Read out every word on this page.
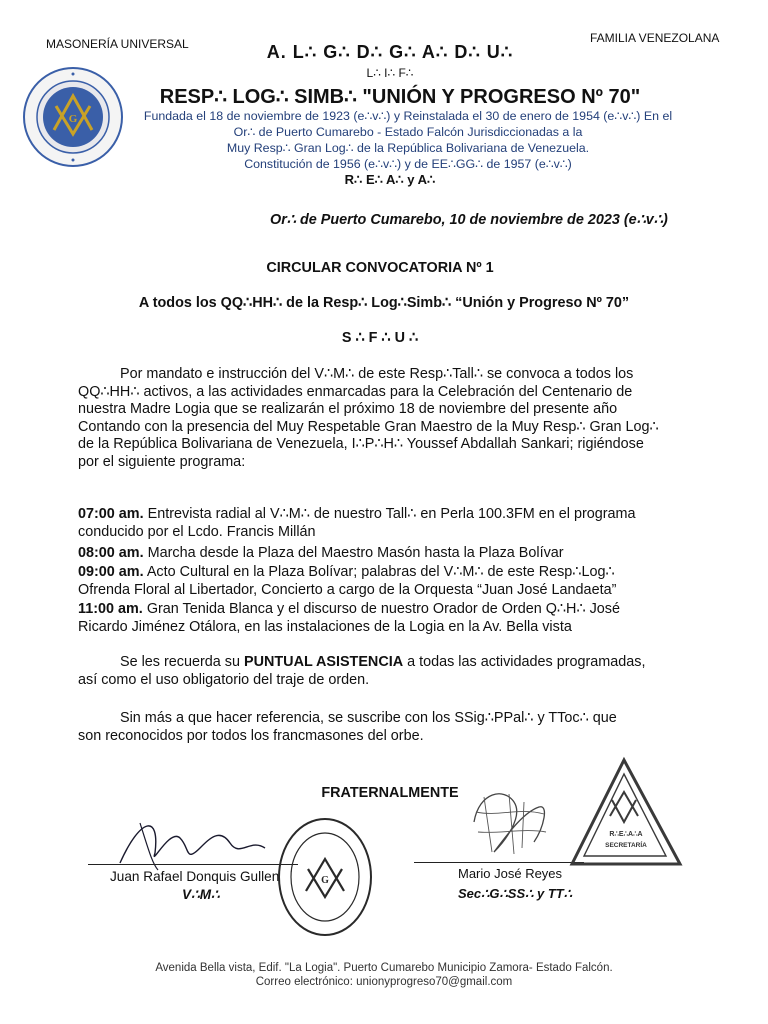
MASONERÍA UNIVERSAL	FAMILIA VENEZOLANA
G
A. L∴ G∴ D∴ G∴ A∴ D∴ U∴
L∴ I∴ F∴
RESP∴ LOG∴ SIMB∴ "UNIÓN Y PROGRESO Nº 70"
Fundada el 18 de noviembre de 1923 (e∴v∴) y Reinstalada el 30 de enero de 1954 (e∴v∴) En el
Or∴ de Puerto Cumarebo - Estado Falcón Jurisdiccionadas a la
Muy Resp∴ Gran Log∴ de la República Bolivariana de Venezuela.
Constitución de 1956 (e∴v∴) y de EE∴GG∴ de 1957 (e∴v∴)
R∴ E∴ A∴ y A∴
Or∴ de Puerto Cumarebo, 10 de noviembre de 2023 (e∴v∴)
CIRCULAR CONVOCATORIA Nº 1
A todos los QQ∴HH∴ de la Resp∴ Log∴Simb∴ “Unión y Progreso Nº 70”
S ∴ F ∴ U ∴
Por mandato e instrucción del V∴M∴ de este Resp∴Tall∴ se convoca a todos los
QQ∴HH∴ activos, a las actividades enmarcadas para la Celebración del Centenario de
nuestra Madre Logia que se realizarán el próximo 18 de noviembre del presente año
Contando con la presencia del Muy Respetable Gran Maestro de la Muy Resp∴ Gran Log∴
de la República Bolivariana de Venezuela, I∴P∴H∴ Youssef Abdallah Sankari; rigiéndose
por el siguiente programa:
07:00 am. Entrevista radial al V∴M∴ de nuestro Tall∴ en Perla 100.3FM en el programa
conducido por el Lcdo. Francis Millán
08:00 am. Marcha desde la Plaza del Maestro Masón hasta la Plaza Bolívar
09:00 am. Acto Cultural en la Plaza Bolívar; palabras del V∴M∴ de este Resp∴Log∴
Ofrenda Floral al Libertador, Concierto a cargo de la Orquesta “Juan José Landaeta”
11:00 am. Gran Tenida Blanca y el discurso de nuestro Orador de Orden Q∴H∴ José
Ricardo Jiménez Otálora, en las instalaciones de la Logia en la Av. Bella vista
Se les recuerda su PUNTUAL ASISTENCIA a todas las actividades programadas,
así como el uso obligatorio del traje de orden.
Sin más a que hacer referencia, se suscribe con los SSig∴PPal∴ y TToc∴ que
son reconocidos por todos los francmasones del orbe.
FRATERNALMENTE
Juan Rafael Donquis Gullen
V∴M∴
G	Mario José Reyes
Sec∴G∴SS∴ y TT∴
R∴E∴A∴A
SECRETARÍA
Avenida Bella vista, Edif. "La Logia". Puerto Cumarebo Municipio Zamora- Estado Falcón.
Correo electrónico: unionyprogreso70@gmail.com
